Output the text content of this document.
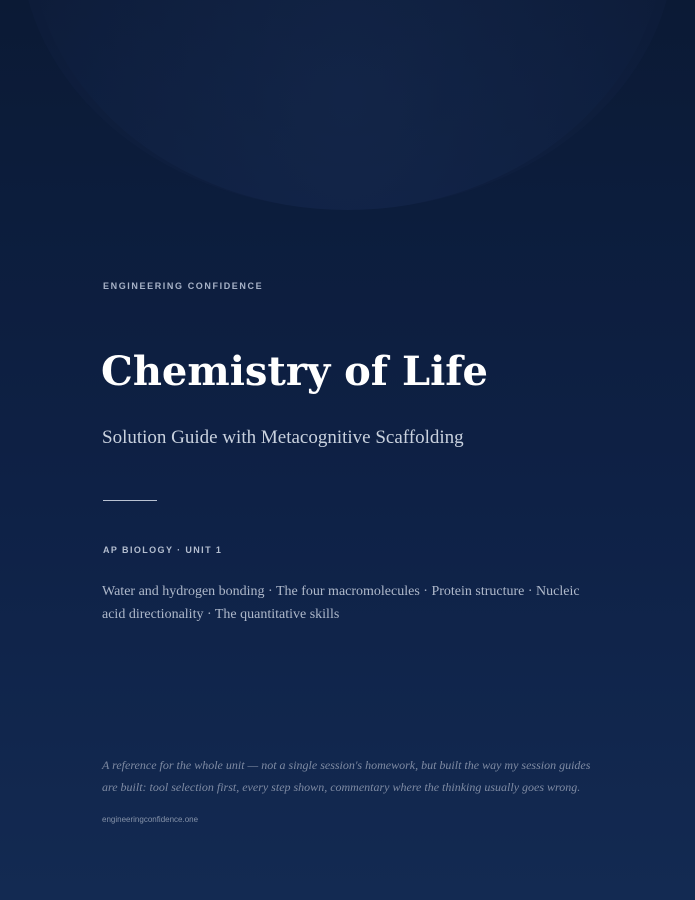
ENGINEERING CONFIDENCE
Chemistry of Life
Solution Guide with Metacognitive Scaffolding
AP BIOLOGY · UNIT 1
Water and hydrogen bonding · The four macromolecules · Protein structure · Nucleic acid directionality · The quantitative skills
A reference for the whole unit — not a single session's homework, but built the way my session guides are built: tool selection first, every step shown, commentary where the thinking usually goes wrong.
engineeringconfidence.one
